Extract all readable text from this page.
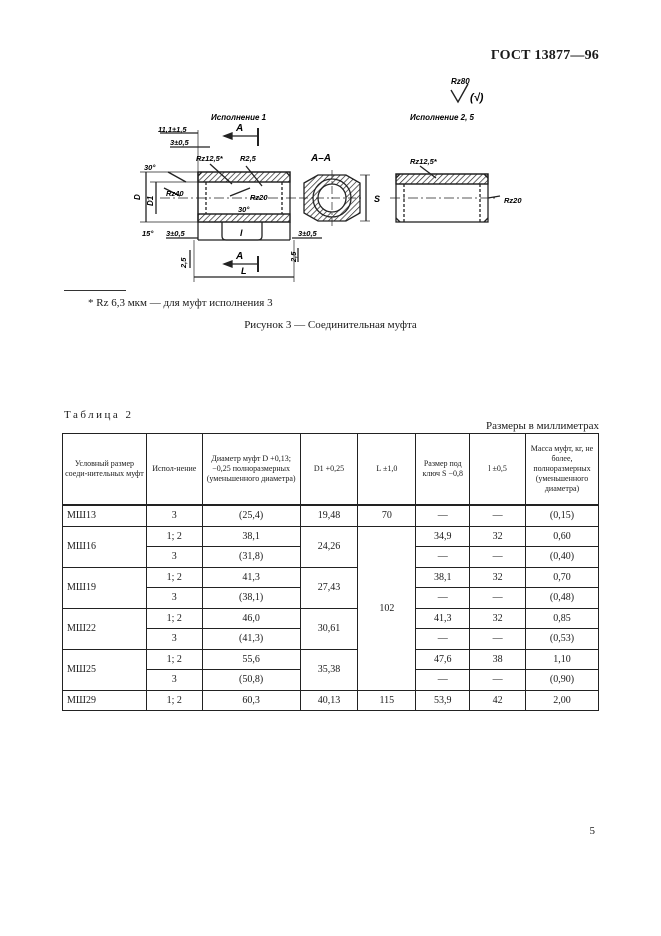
ГОСТ 13877—96
Rz80
(√)
Исполнение 1	Исполнение 2, 5
11,1±1,5
3±0,5
A
A
Rz12,5* R2,5
30°
Rz40	Rz20
30°
15° 3±0,5	3±0,5
l
L
D D1
2,5
2,5
А–А
S
Rz12,5*
Rz20
* Rz 6,3 мкм — для муфт исполнения 3
Рисунок 3 — Соединительная муфта
Таблица 2
Размеры в миллиметрах
Условный размер соеди-нительных муфт	Испол-нение	Диаметр муфт D +0,13; −0,25 полноразмерных (уменьшенного диаметра)	D1 +0,25	L ±1,0	Размер под ключ S −0,8	l ±0,5	Масса муфт, кг, не более, полноразмерных (уменьшенного диаметра)
МШ13	3	(25,4)	19,48	70	—	—	(0,15)
МШ16	1; 2	38,1	24,26	102	34,9	32	0,60
	3	(31,8)			—	—	(0,40)
МШ19	1; 2	41,3	27,43		38,1	32	0,70
	3	(38,1)			—	—	(0,48)
МШ22	1; 2	46,0	30,61		41,3	32	0,85
	3	(41,3)			—	—	(0,53)
МШ25	1; 2	55,6	35,38		47,6	38	1,10
	3	(50,8)			—	—	(0,90)
МШ29	1; 2	60,3	40,13	115	53,9	42	2,00
5
